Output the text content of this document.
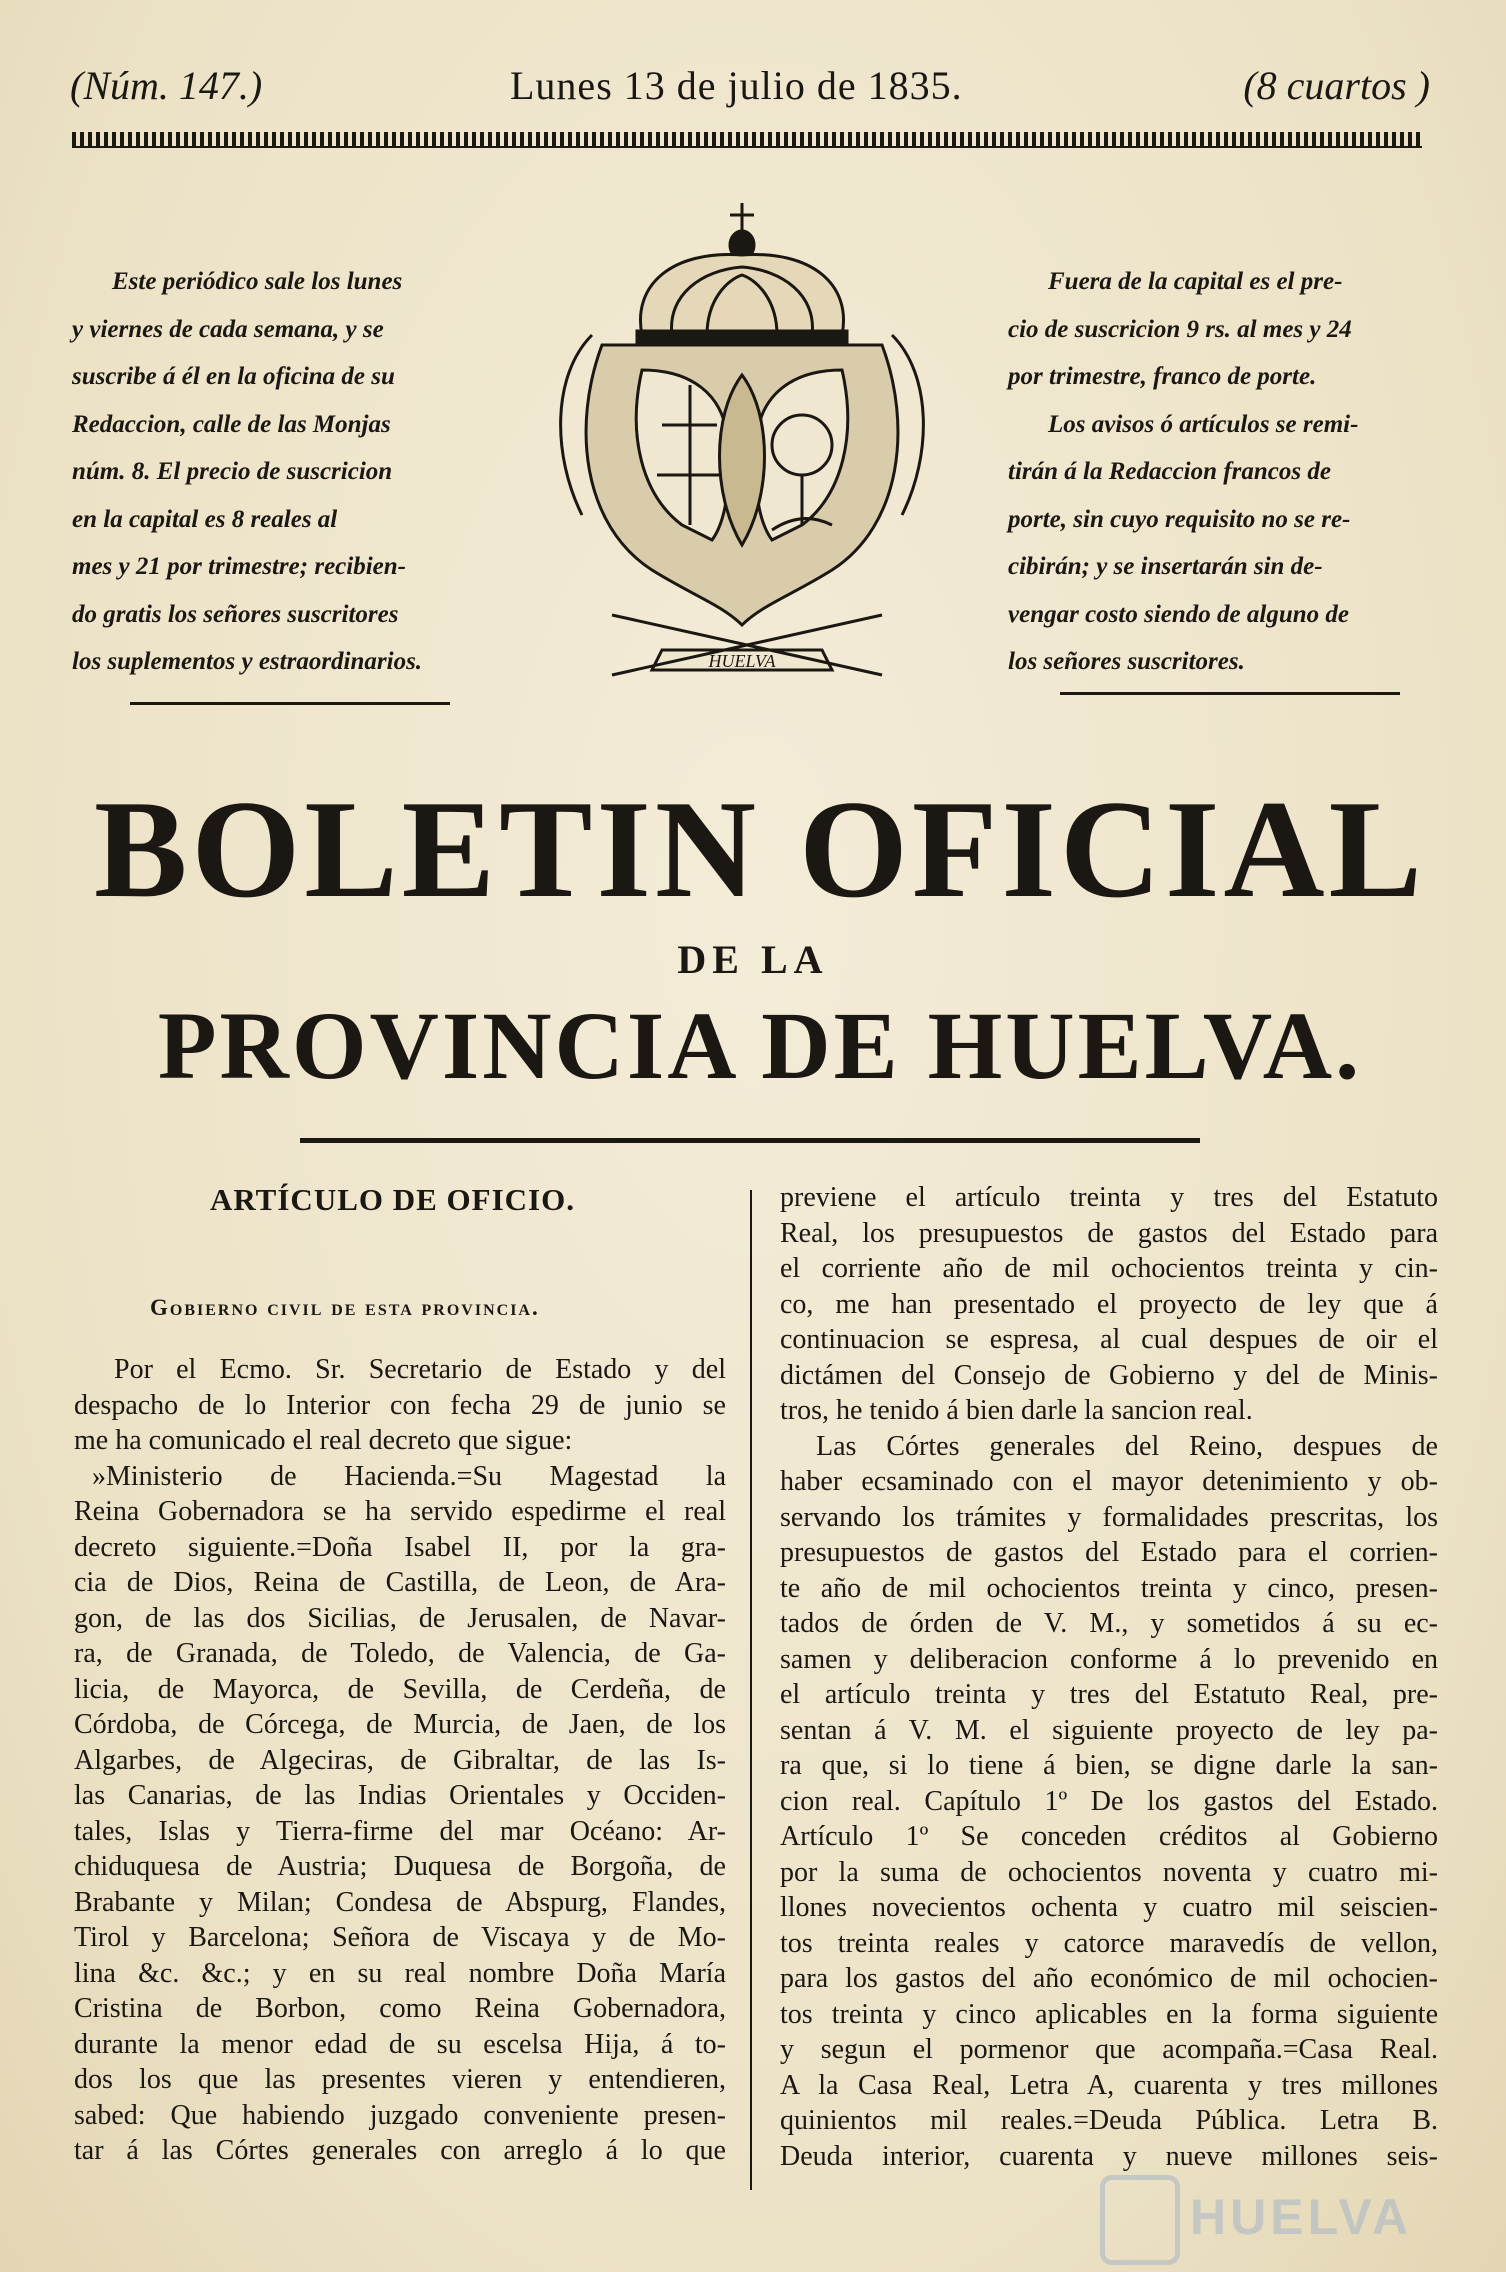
(Núm. 147.)	Lunes 13 de julio de 1835.	(8 cuartos )

Este periódico sale los lunes

y viernes de cada semana, y se

suscribe á él en la oficina de su

Redaccion, calle de las Monjas

núm. 8. El precio de suscricion

en la capital es 8 reales al

mes y 21 por trimestre; recibien-

do gratis los señores suscritores

los suplementos y estraordinarios.

Fuera de la capital es el pre-

cio de suscricion 9 rs. al mes y 24

por trimestre, franco de porte.

Los avisos ó artículos se remi-

tirán á la Redaccion francos de

porte, sin cuyo requisito no se re-

cibirán; y se insertarán sin de-

vengar costo siendo de alguno de

los señores suscritores.

HUELVA
BOLETIN OFICIAL
DE LA
PROVINCIA DE HUELVA.
ARTÍCULO DE OFICIO.
Gobierno civil de esta provincia.
Por el Ecmo. Sr. Secretario de Estado y del
despacho de lo Interior con fecha 29 de junio se
me ha comunicado el real decreto que sigue:
»Ministerio de Hacienda.=Su Magestad la
Reina Gobernadora se ha servido espedirme el real
decreto siguiente.=Doña Isabel II, por la gra-
cia de Dios, Reina de Castilla, de Leon, de Ara-
gon, de las dos Sicilias, de Jerusalen, de Navar-
ra, de Granada, de Toledo, de Valencia, de Ga-
licia, de Mayorca, de Sevilla, de Cerdeña, de
Córdoba, de Córcega, de Murcia, de Jaen, de los
Algarbes, de Algeciras, de Gibraltar, de las Is-
las Canarias, de las Indias Orientales y Occiden-
tales, Islas y Tierra-firme del mar Océano: Ar-
chiduquesa de Austria; Duquesa de Borgoña, de
Brabante y Milan; Condesa de Abspurg, Flandes,
Tirol y Barcelona; Señora de Viscaya y de Mo-
lina &c. &c.; y en su real nombre Doña María
Cristina de Borbon, como Reina Gobernadora,
durante la menor edad de su escelsa Hija, á to-
dos los que las presentes vieren y entendieren,
sabed: Que habiendo juzgado conveniente presen-
tar á las Córtes generales con arreglo á lo que
previene el artículo treinta y tres del Estatuto
Real, los presupuestos de gastos del Estado para
el corriente año de mil ochocientos treinta y cin-
co, me han presentado el proyecto de ley que á
continuacion se espresa, al cual despues de oir el
dictámen del Consejo de Gobierno y del de Minis-
tros, he tenido á bien darle la sancion real.
Las Córtes generales del Reino, despues de
haber ecsaminado con el mayor detenimiento y ob-
servando los trámites y formalidades prescritas, los
presupuestos de gastos del Estado para el corrien-
te año de mil ochocientos treinta y cinco, presen-
tados de órden de V. M., y sometidos á su ec-
samen y deliberacion conforme á lo prevenido en
el artículo treinta y tres del Estatuto Real, pre-
sentan á V. M. el siguiente proyecto de ley pa-
ra que, si lo tiene á bien, se digne darle la san-
cion real. Capítulo 1º De los gastos del Estado.
Artículo 1º Se conceden créditos al Gobierno
por la suma de ochocientos noventa y cuatro mi-
llones novecientos ochenta y cuatro mil seiscien-
tos treinta reales y catorce maravedís de vellon,
para los gastos del año económico de mil ochocien-
tos treinta y cinco aplicables en la forma siguiente
y segun el pormenor que acompaña.=Casa Real.
A la Casa Real, Letra A, cuarenta y tres millones
quinientos mil reales.=Deuda Pública. Letra B.
Deuda interior, cuarenta y nueve millones seis-
HUELVA
